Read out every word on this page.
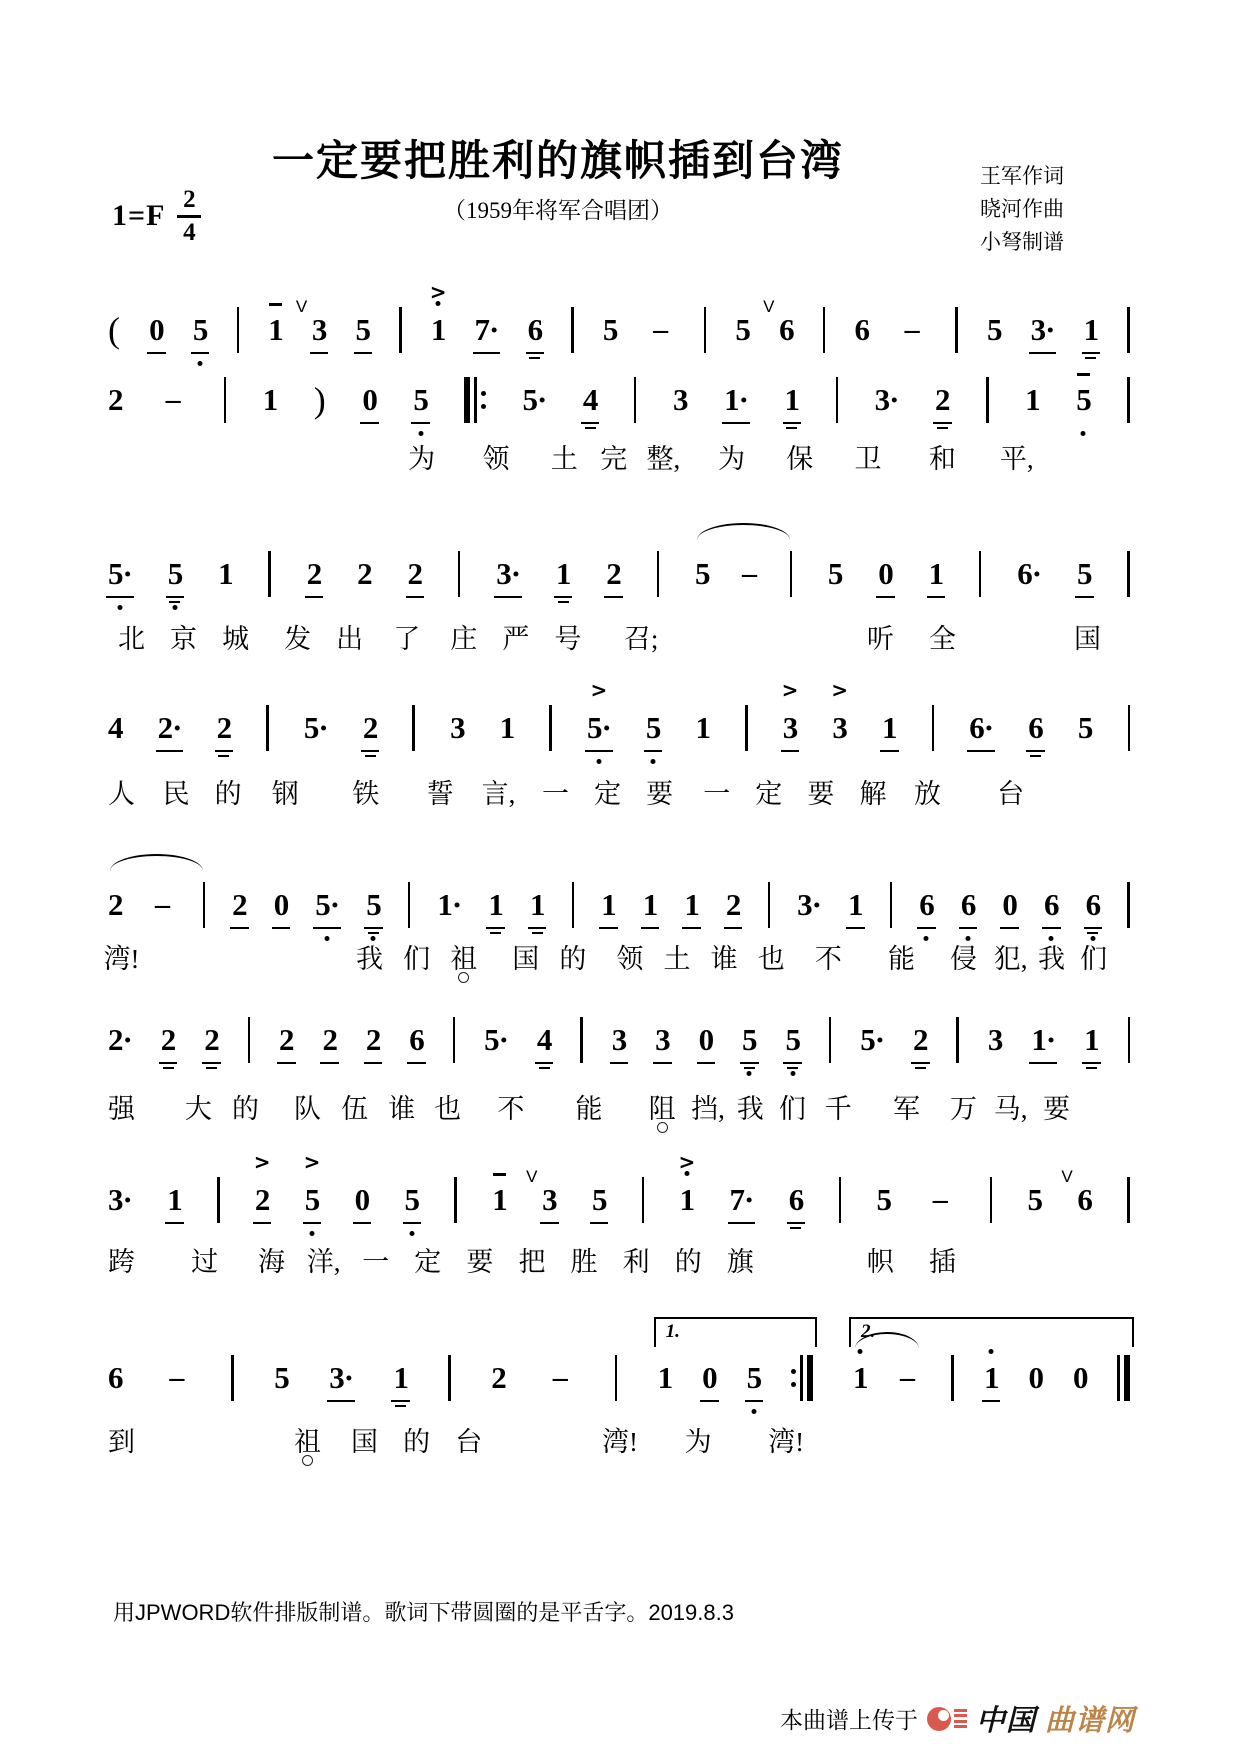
一定要把胜利的旗帜插到台湾
（1959年将军合唱团）
1=F 2
4
王军作词
晓河作曲
小弩制谱
( 0 5 1 3
V
5 1
>
7· 6 5 – 5 6
V
6 – 5 3· 1
2 –	1 ) 0 5	5· 4 3 1· 1 3· 2 1 5
为 领 土 完 整, 为 保 卫 和 平,
5· 5 1 2 2 2 3· 1 2 5 – 5 0 1 6· 5
北 京 城 发 出 了 庄 严 号 召;	听 全	国
4 2· 2 5· 2 3 1 5·
>
5 1 3
>
3
>
1 6· 6 5
人 民 的 钢 铁 誓 言, 一 定 要 一 定 要 解 放 台
2 – 2 0 5· 5 1· 1 1 1 1 1 2 3· 1 6 6 0 6 6
湾!	我 们 祖 国 的 领 土 谁 也 不 能 侵 犯, 我 们
2· 2 2 2 2 2 6 5· 4 3 3 0 5 5 5· 2 3 1· 1
强 大 的 队 伍 谁 也 不 能 阻 挡, 我 们 千 军 万 马, 要
3· 1 2
>
5
>
0 5 1 3
V
5 1
>
7· 6 5 –	5 6
V
跨 过 海 洋, 一 定 要 把 胜 利 的 旗	帜 插
6 –	5 3· 1	2 –
1.
1 0 5
2.
1 – 1 0 0
到	祖 国 的 台	湾! 为 湾!
用JPWORD软件排版制谱。歌词下带圆圈的是平舌字。2019.8.3
本曲谱上传于 中国 曲谱网
